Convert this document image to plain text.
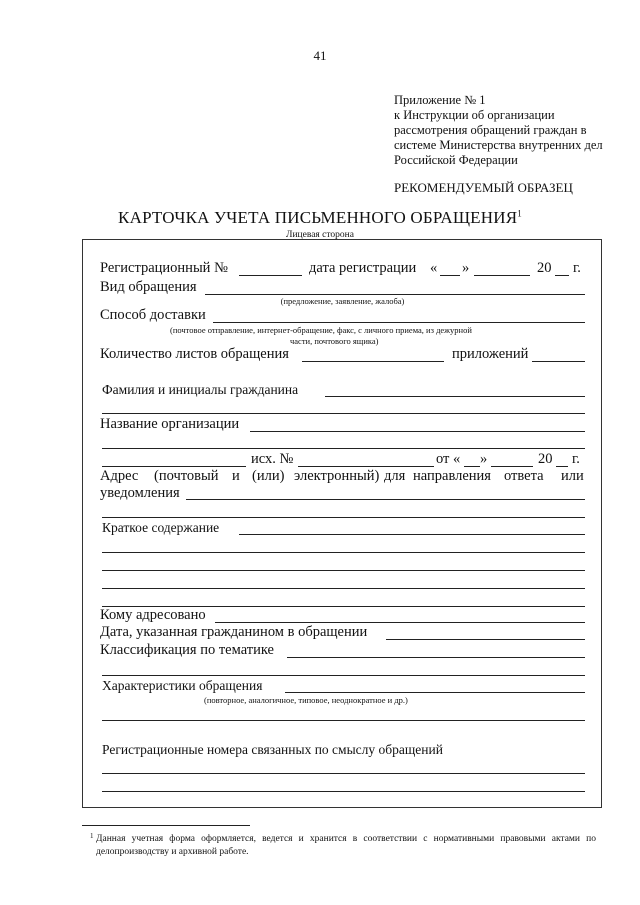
41
Приложение № 1
к Инструкции об организации
рассмотрения обращений граждан в
системе Министерства внутренних дел
Российской Федерации
РЕКОМЕНДУЕМЫЙ ОБРАЗЕЦ
КАРТОЧКА УЧЕТА ПИСЬМЕННОГО ОБРАЩЕНИЯ$^1$
Лицевая сторона
Регистрационный №	дата регистрации « »	20 г.
Вид обращения
(предложение, заявление, жалоба)
Способ доставки
(почтовое отправление, интернет-обращение, факс, с личного приема, из дежурной
части, почтового ящика)
Количество листов обращения	приложений
Фамилия и инициалы гражданина
Название организации
исх. №	от « »	20 г.
Адрес (почтовый и (или) электронный) для направления ответа или
уведомления
Краткое содержание
Кому адресовано
Дата, указанная гражданином в обращении
Классификация по тематике
Характеристики обращения
(повторное, аналогичное, типовое, неоднократное и др.)
Регистрационные номера связанных по смыслу обращений
1 Данная учетная форма оформляется, ведется и хранится в соответствии с нормативными правовыми актами по делопроизводству и архивной работе.
